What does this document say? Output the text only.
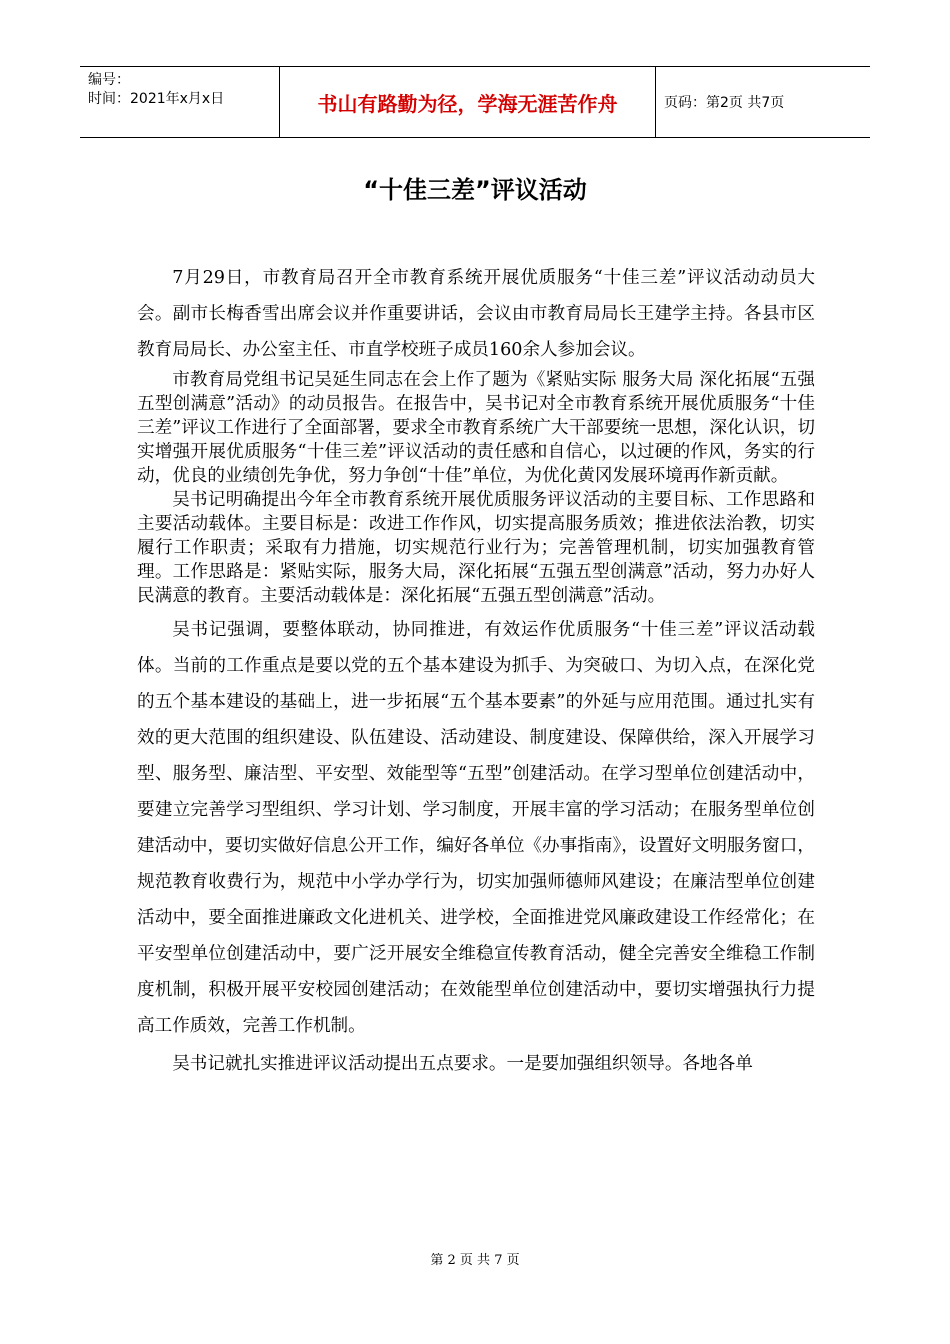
编号：
时间：2021年x月x日	书山有路勤为径，学海无涯苦作舟	页码：第2页 共7页
“十佳三差”评议活动

7月29日，市教育局召开全市教育系统开展优质服务“十佳三差”评议活动动员大会。副市长梅香雪出席会议并作重要讲话，会议由市教育局局长王建学主持。各县市区教育局局长、办公室主任、市直学校班子成员160余人参加会议。

市教育局党组书记吴延生同志在会上作了题为《紧贴实际 服务大局 深化拓展“五强五型创满意”活动》的动员报告。在报告中，吴书记对全市教育系统开展优质服务“十佳三差”评议工作进行了全面部署，要求全市教育系统广大干部要统一思想，深化认识，切实增强开展优质服务“十佳三差”评议活动的责任感和自信心，以过硬的作风，务实的行动，优良的业绩创先争优，努力争创“十佳”单位，为优化黄冈发展环境再作新贡献。

吴书记明确提出今年全市教育系统开展优质服务评议活动的主要目标、工作思路和主要活动载体。主要目标是：改进工作作风，切实提高服务质效；推进依法治教，切实履行工作职责；采取有力措施，切实规范行业行为；完善管理机制，切实加强教育管理。工作思路是：紧贴实际，服务大局，深化拓展“五强五型创满意”活动，努力办好人民满意的教育。主要活动载体是：深化拓展“五强五型创满意”活动。

吴书记强调，要整体联动，协同推进，有效运作优质服务“十佳三差”评议活动载体。当前的工作重点是要以党的五个基本建设为抓手、为突破口、为切入点，在深化党的五个基本建设的基础上，进一步拓展“五个基本要素”的外延与应用范围。通过扎实有效的更大范围的组织建设、队伍建设、活动建设、制度建设、保障供给，深入开展学习型、服务型、廉洁型、平安型、效能型等“五型”创建活动。在学习型单位创建活动中，要建立完善学习型组织、学习计划、学习制度，开展丰富的学习活动；在服务型单位创建活动中，要切实做好信息公开工作，编好各单位《办事指南》，设置好文明服务窗口，规范教育收费行为，规范中小学办学行为，切实加强师德师风建设；在廉洁型单位创建活动中，要全面推进廉政文化进机关、进学校，全面推进党风廉政建设工作经常化；在平安型单位创建活动中，要广泛开展安全维稳宣传教育活动，健全完善安全维稳工作制度机制，积极开展平安校园创建活动；在效能型单位创建活动中，要切实增强执行力提高工作质效，完善工作机制。

吴书记就扎实推进评议活动提出五点要求。一是要加强组织领导。各地各单

第 2 页 共 7 页
